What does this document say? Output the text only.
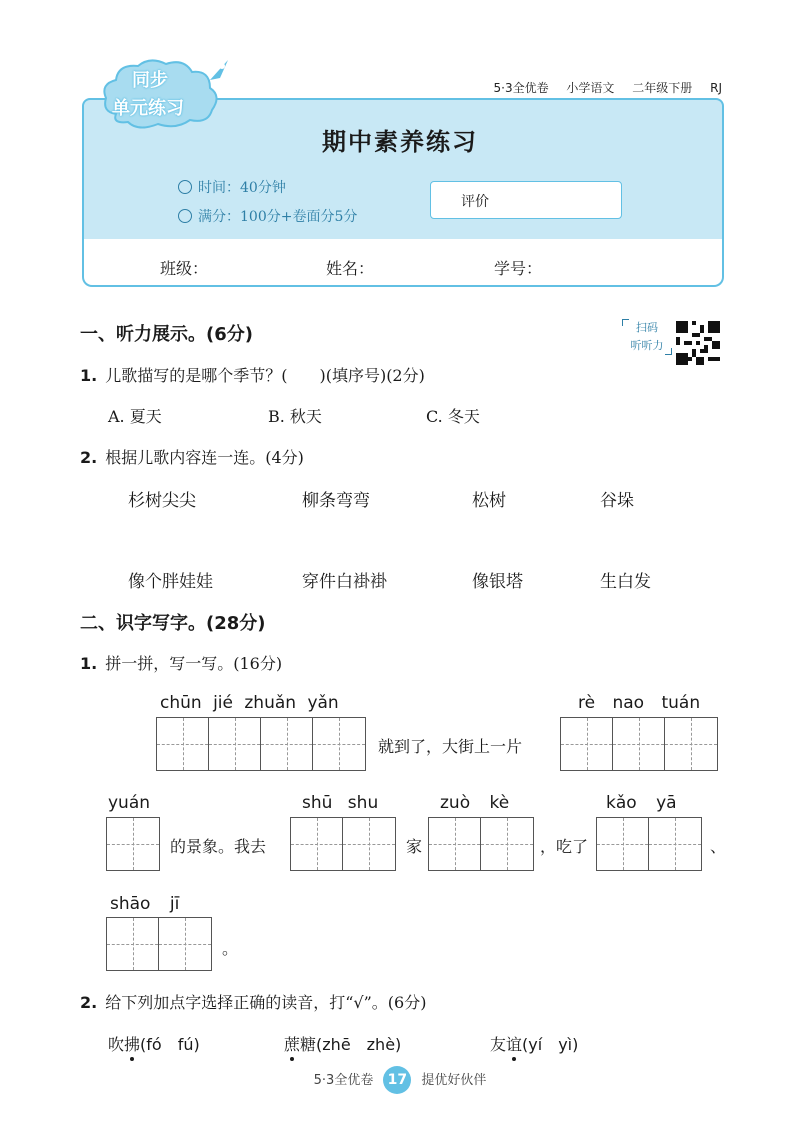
同步
单元练习
5·3全优卷 小学语文 二年级下册 RJ
期中素养练习
时间：40分钟
满分：100分+卷面分5分
评价
班级：	姓名：	学号：
一、听力展示。(6分)	扫码
听听力
1. 儿歌描写的是哪个季节？(　　)(填序号)(2分)
A. 夏天	B. 秋天	C. 冬天
2. 根据儿歌内容连一连。(4分)
杉树尖尖	柳条弯弯	松树	谷垛
像个胖娃娃	穿件白褂褂	像银塔	生白发
二、识字写字。(28分)
1. 拼一拼，写一写。(16分)
chūn jié zhuǎn yǎn
就到了，大街上一片
rè nao tuán
yuán
的景象。我去
shū shu
家
zuò kè
，吃了
kǎo yā
、
shāo jī
。
2. 给下列加点字选择正确的读音，打“√”。(6分)
吹拂(fó　fú)	蔗糖(zhē　zhè)	友谊(yí　yì)
5·3全优卷 17 提优好伙伴
